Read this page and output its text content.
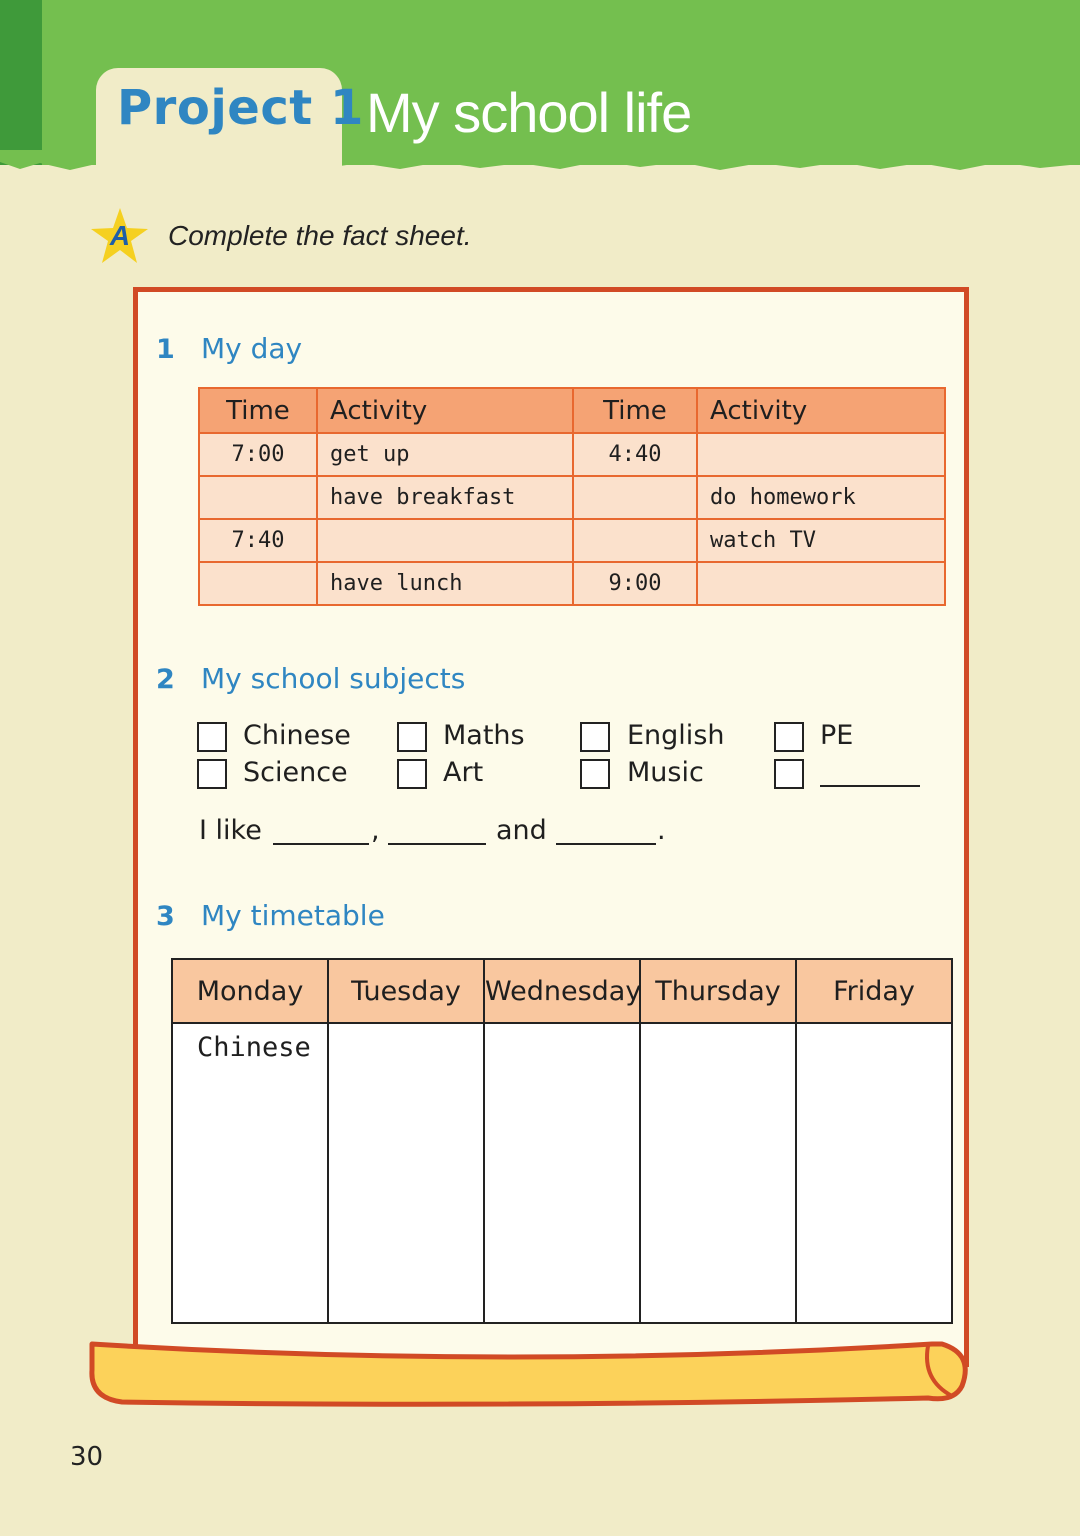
Project 1 My school life
A Complete the fact sheet.
1 My day
Time	Activity	Time	Activity
7:00	get up	4:40	
	have breakfast		do homework
7:40			watch TV
	have lunch	9:00	
2 My school subjects
Chinese	Maths	English	PE
Science	Art	Music
I like	,	and	.
3 My timetable
Monday	Tuesday	Wednesday	Thursday	Friday
Chinese				
30
